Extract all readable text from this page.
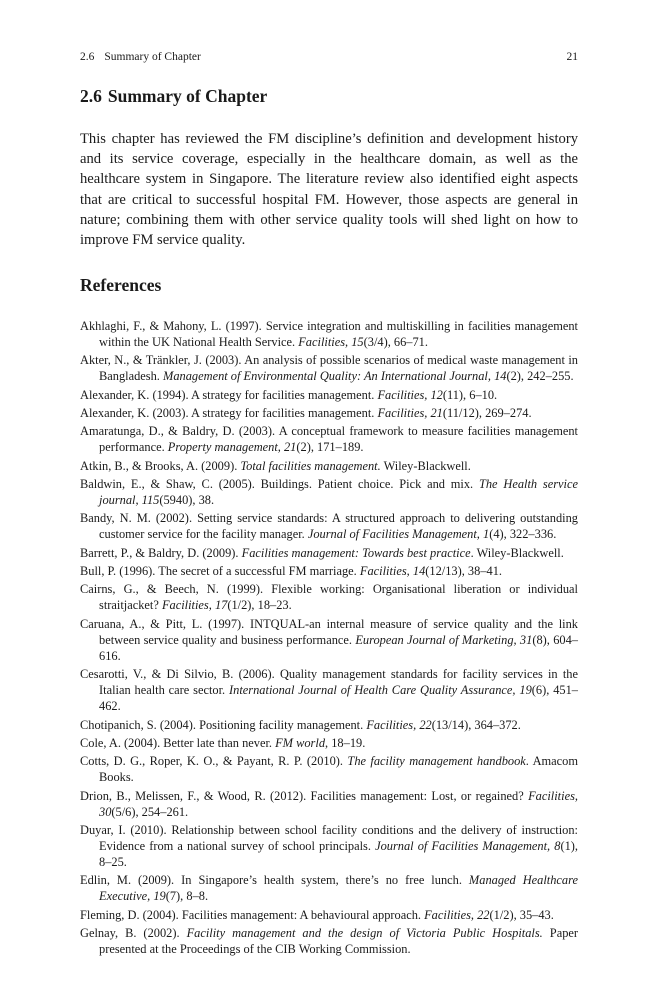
2.6 Summary of Chapter	21
2.6 Summary of Chapter

This chapter has reviewed the FM discipline’s definition and development history and its service coverage, especially in the healthcare domain, as well as the healthcare system in Singapore. The literature review also identified eight aspects that are critical to successful hospital FM. However, those aspects are general in nature; combining them with other service quality tools will shed light on how to improve FM service quality.

References
Akhlaghi, F., & Mahony, L. (1997). Service integration and multiskilling in facilities management within the UK National Health Service. Facilities, 15(3/4), 66–71.
Akter, N., & Tränkler, J. (2003). An analysis of possible scenarios of medical waste management in Bangladesh. Management of Environmental Quality: An International Journal, 14(2), 242–255.
Alexander, K. (1994). A strategy for facilities management. Facilities, 12(11), 6–10.
Alexander, K. (2003). A strategy for facilities management. Facilities, 21(11/12), 269–274.
Amaratunga, D., & Baldry, D. (2003). A conceptual framework to measure facilities management performance. Property management, 21(2), 171–189.
Atkin, B., & Brooks, A. (2009). Total facilities management. Wiley-Blackwell.
Baldwin, E., & Shaw, C. (2005). Buildings. Patient choice. Pick and mix. The Health service journal, 115(5940), 38.
Bandy, N. M. (2002). Setting service standards: A structured approach to delivering outstanding customer service for the facility manager. Journal of Facilities Management, 1(4), 322–336.
Barrett, P., & Baldry, D. (2009). Facilities management: Towards best practice. Wiley-Blackwell.
Bull, P. (1996). The secret of a successful FM marriage. Facilities, 14(12/13), 38–41.
Cairns, G., & Beech, N. (1999). Flexible working: Organisational liberation or individual straitjacket? Facilities, 17(1/2), 18–23.
Caruana, A., & Pitt, L. (1997). INTQUAL-an internal measure of service quality and the link between service quality and business performance. European Journal of Marketing, 31(8), 604–616.
Cesarotti, V., & Di Silvio, B. (2006). Quality management standards for facility services in the Italian health care sector. International Journal of Health Care Quality Assurance, 19(6), 451–462.
Chotipanich, S. (2004). Positioning facility management. Facilities, 22(13/14), 364–372.
Cole, A. (2004). Better late than never. FM world, 18–19.
Cotts, D. G., Roper, K. O., & Payant, R. P. (2010). The facility management handbook. Amacom Books.
Drion, B., Melissen, F., & Wood, R. (2012). Facilities management: Lost, or regained? Facilities, 30(5/6), 254–261.
Duyar, I. (2010). Relationship between school facility conditions and the delivery of instruction: Evidence from a national survey of school principals. Journal of Facilities Management, 8(1), 8–25.
Edlin, M. (2009). In Singapore’s health system, there’s no free lunch. Managed Healthcare Executive, 19(7), 8–8.
Fleming, D. (2004). Facilities management: A behavioural approach. Facilities, 22(1/2), 35–43.
Gelnay, B. (2002). Facility management and the design of Victoria Public Hospitals. Paper presented at the Proceedings of the CIB Working Commission.
